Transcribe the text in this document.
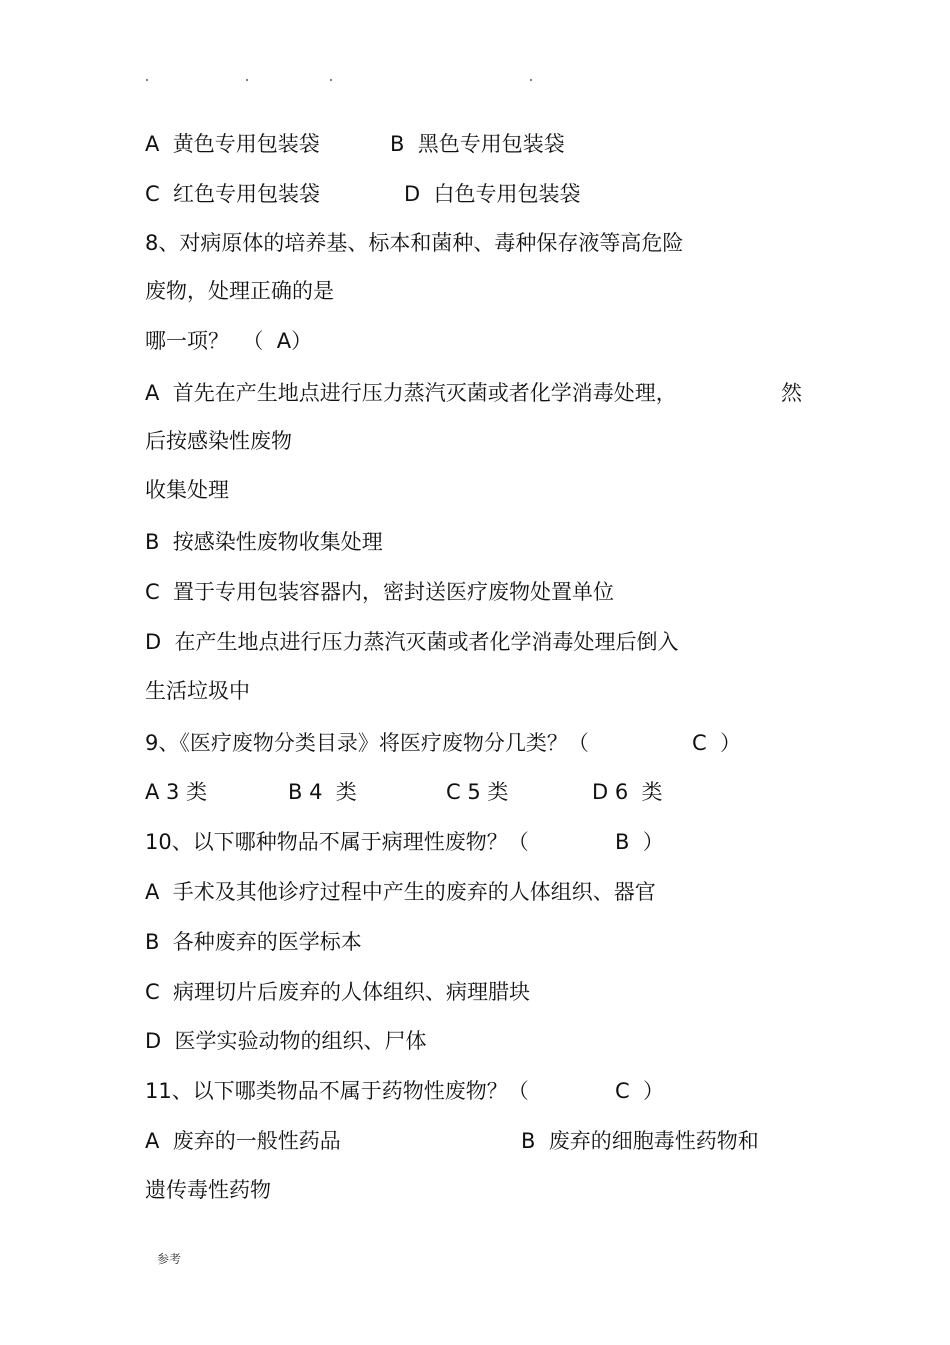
A  黄色专用包装袋	B  黑色专用包装袋
C  红色专用包装袋	D  白色专用包装袋
8、对病原体的培养基、标本和菌种、毒种保存液等高危险
废物，处理正确的是
哪一项？  （  A）
A  首先在产生地点进行压力蒸汽灭菌或者化学消毒处理，	然
后按感染性废物
收集处理
B  按感染性废物收集处理
C  置于专用包装容器内，密封送医疗废物处置单位
D  在产生地点进行压力蒸汽灭菌或者化学消毒处理后倒入
生活垃圾中
9、《医疗废物分类目录》将医疗废物分几类？（	C  ）
A 3 类	B 4  类	C 5 类	D 6  类
10、以下哪种物品不属于病理性废物？（	B  ）
A  手术及其他诊疗过程中产生的废弃的人体组织、器官
B  各种废弃的医学标本
C  病理切片后废弃的人体组织、病理腊块
D  医学实验动物的组织、尸体
11、以下哪类物品不属于药物性废物？（	C  ）
A  废弃的一般性药品	B  废弃的细胞毒性药物和
遗传毒性药物
参考
